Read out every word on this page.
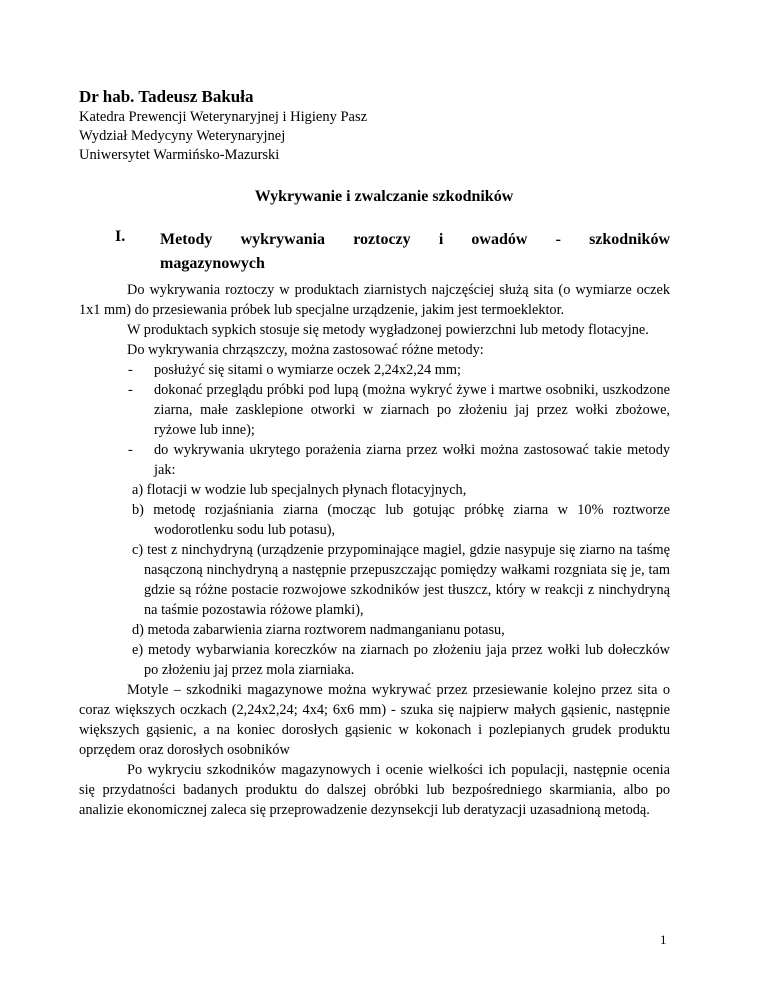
Dr hab. Tadeusz Bakuła
Katedra Prewencji Weterynaryjnej i Higieny Pasz
Wydział Medycyny Weterynaryjnej
Uniwersytet Warmińsko-Mazurski
Wykrywanie i zwalczanie szkodników
I. Metody wykrywania roztoczy i owadów - szkodników
magazynowych

Do wykrywania roztoczy w produktach ziarnistych najczęściej służą sita (o wymiarze oczek 1x1 mm) do przesiewania próbek lub specjalne urządzenie, jakim jest termoeklektor.

W produktach sypkich stosuje się metody wygładzonej powierzchni lub metody flotacyjne.

Do wykrywania chrząszczy, można zastosować różne metody:

-	posłużyć się sitami o wymiarze oczek 2,24x2,24 mm;
-	dokonać przeglądu próbki pod lupą (można wykryć żywe i martwe osobniki, uszkodzone ziarna, małe zasklepione otworki w ziarnach po złożeniu jaj przez wołki zbożowe, ryżowe lub inne);
-	do wykrywania ukrytego porażenia ziarna przez wołki można zastosować takie metody jak:
a) flotacji w wodzie lub specjalnych płynach flotacyjnych,
b) metodę rozjaśniania ziarna (mocząc lub gotując próbkę ziarna w 10% roztworze wodorotlenku sodu lub potasu),
c) test z ninchydryną (urządzenie przypominające magiel, gdzie nasypuje się ziarno na taśmę nasączoną ninchydryną a następnie przepuszczając pomiędzy wałkami rozgniata się je, tam gdzie są różne postacie rozwojowe szkodników jest tłuszcz, który w reakcji z ninchydryną na taśmie pozostawia różowe plamki),
d) metoda zabarwienia ziarna roztworem nadmanganianu potasu,
e) metody wybarwiania koreczków na ziarnach po złożeniu jaja przez wołki lub dołeczków po złożeniu jaj przez mola ziarniaka.

Motyle – szkodniki magazynowe można wykrywać przez przesiewanie kolejno przez sita o coraz większych oczkach (2,24x2,24; 4x4; 6x6 mm) - szuka się najpierw małych gąsienic, następnie większych gąsienic, a na koniec dorosłych gąsienic w kokonach i pozlepianych grudek produktu oprzędem oraz dorosłych osobników

Po wykryciu szkodników magazynowych i ocenie wielkości ich populacji, następnie ocenia się przydatności badanych produktu do dalszej obróbki lub bezpośredniego skarmiania, albo po analizie ekonomicznej zaleca się przeprowadzenie dezynsekcji lub deratyzacji uzasadnioną metodą.

1
